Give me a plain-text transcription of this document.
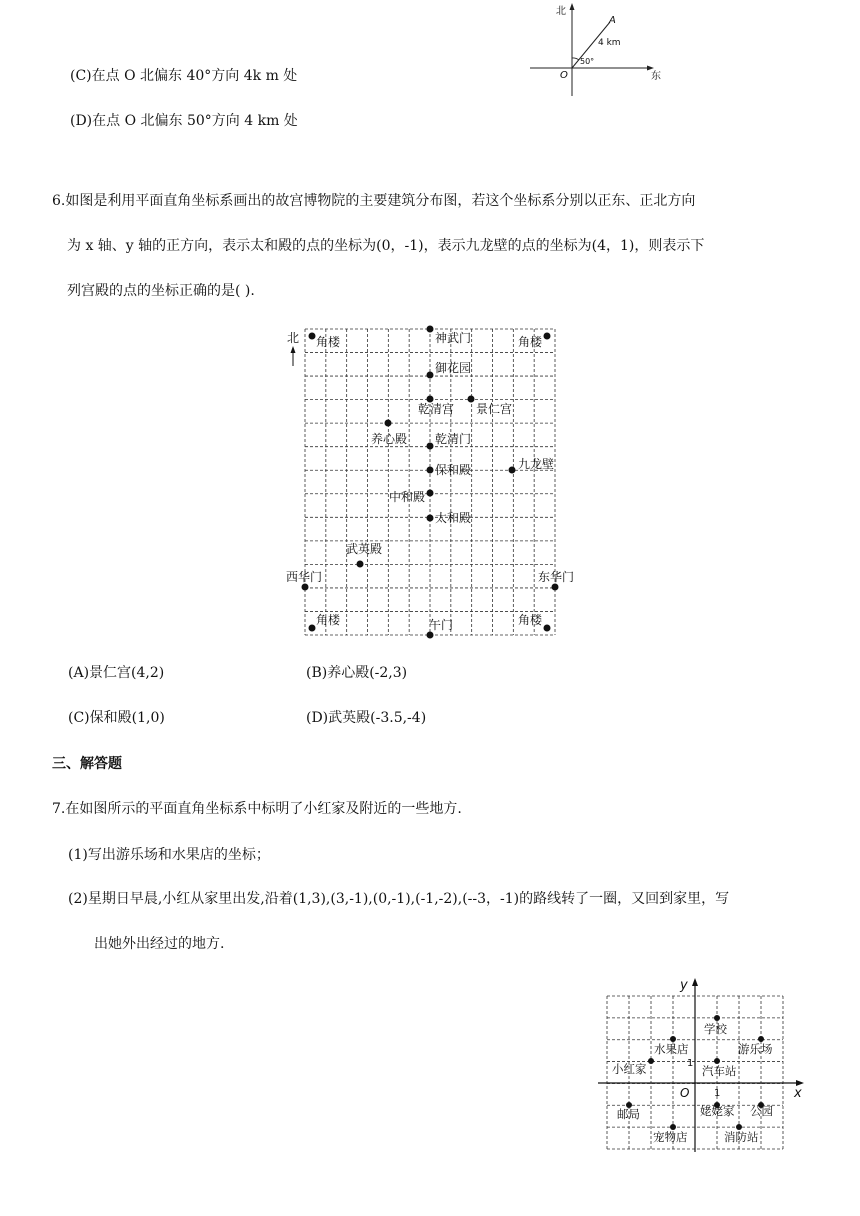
(C)在点 O 北偏东 40°方向 4k m 处
(D)在点 O 北偏东 50°方向 4 km 处
北
东
O
A
4 km
50°
6.如图是利用平面直角坐标系画出的故宫博物院的主要建筑分布图，若这个坐标系分别以正东、正北方向
为 x 轴、y 轴的正方向，表示太和殿的点的坐标为(0，-1)，表示九龙壁的点的坐标为(4，1)，则表示下
列宫殿的点的坐标正确的是( ).
北 角楼	神武门	角楼
御花园
乾清宫 景仁宫
养心殿 乾清门
保和殿	九龙壁
中和殿
太和殿
武英殿
西华门	东华门
角楼	午门	角楼
(A)景仁宫(4,2)	(B)养心殿(-2,3)
(C)保和殿(1,0)	(D)武英殿(-3.5,-4)
三、解答题
7.在如图所示的平面直角坐标系中标明了小红家及附近的一些地方.
(1)写出游乐场和水果店的坐标；
(2)星期日早晨,小红从家里出发,沿着(1,3),(3,-1),(0,-1),(-1,-2),(--3，-1)的路线转了一圈，又回到家里，写
出她外出经过的地方.
x
y
O 1
1
学校
水果店	游乐场
小红家	汽车站
邮局	姥姥家 公园
宠物店	消防站
